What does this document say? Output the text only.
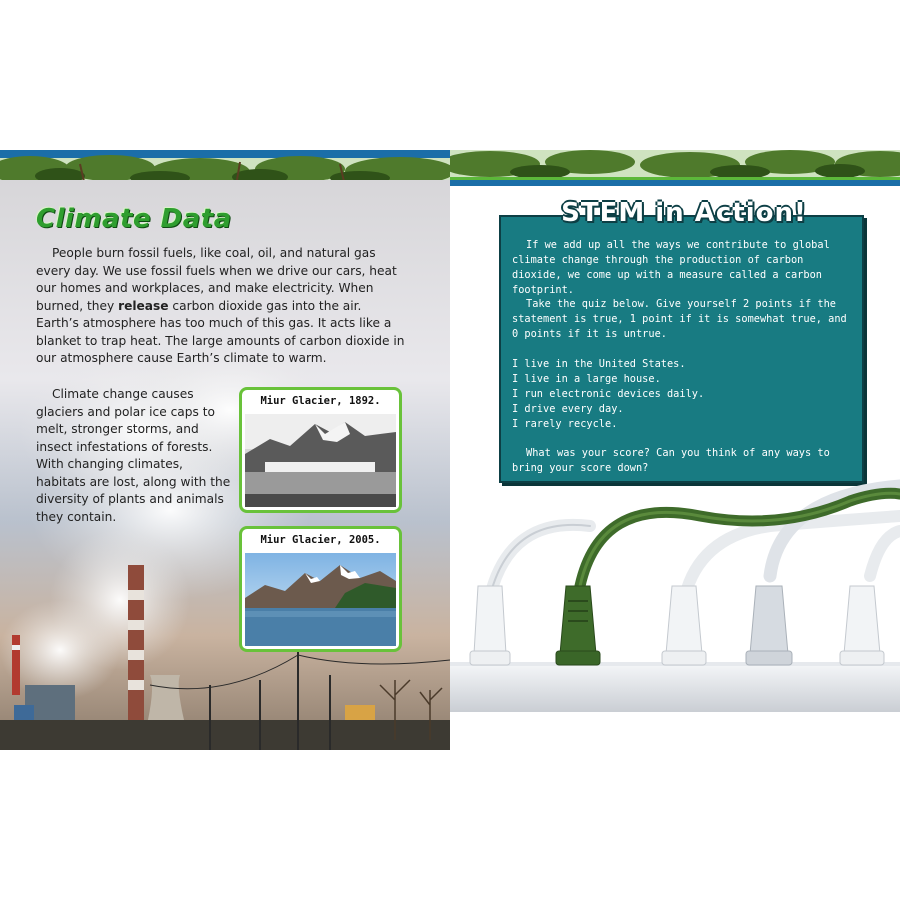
Climate Data
People burn fossil fuels, like coal, oil, and natural gas every day. We use fossil fuels when we drive our cars, heat our homes and workplaces, and make electricity. When burned, they release carbon dioxide gas into the air. Earth’s atmosphere has too much of this gas. It acts like a blanket to trap heat. The large amounts of carbon dioxide in our atmosphere cause Earth’s climate to warm.
Climate change causes glaciers and polar ice caps to melt, stronger storms, and insect infestations of forests. With changing climates, habitats are lost, along with the diversity of plants and animals they contain.
Miur Glacier, 1892.
Miur Glacier, 2005.
STEM in Action!
If we add up all the ways we contribute to global climate change through the production of carbon dioxide, we come up with a measure called a carbon footprint.
Take the quiz below. Give yourself 2 points if the statement is true, 1 point if it is somewhat true, and 0 points if it is untrue.
I live in the United States.
I live in a large house.
I run electronic devices daily.
I drive every day.
I rarely recycle.
What was your score? Can you think of any ways to bring your score down?
